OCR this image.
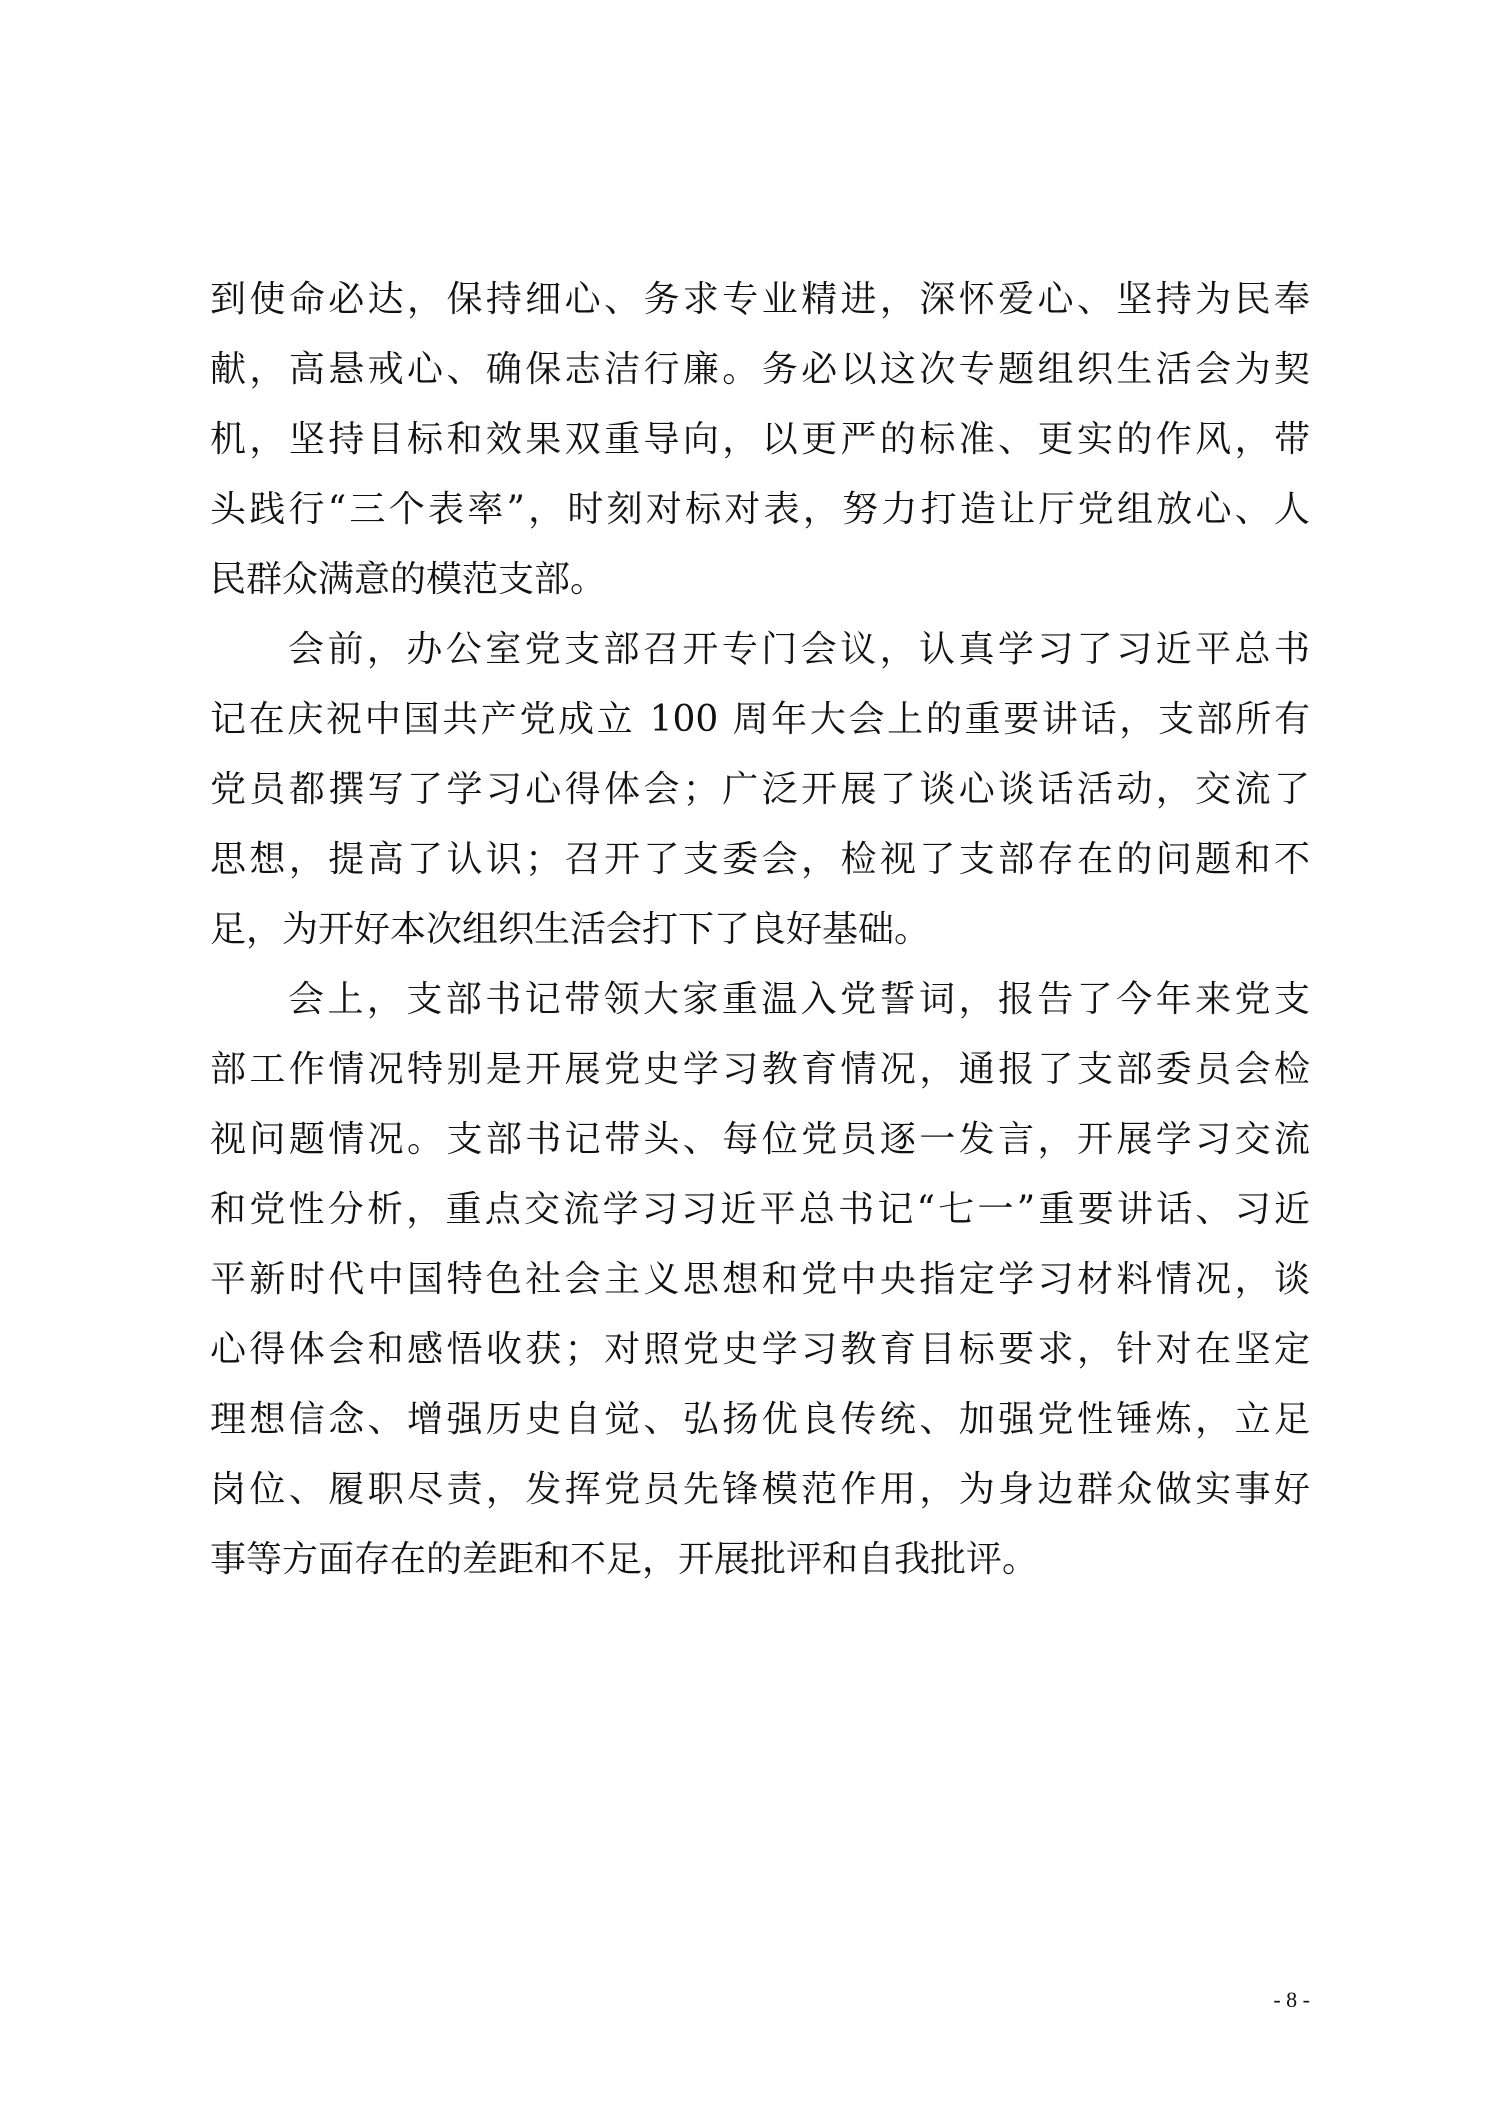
到使命必达，保持细心、务求专业精进，深怀爱心、坚持为民奉
献，高悬戒心、确保志洁行廉。务必以这次专题组织生活会为契
机，坚持目标和效果双重导向，以更严的标准、更实的作风，带
头践行“三个表率”，时刻对标对表，努力打造让厅党组放心、人
民群众满意的模范支部。
会前，办公室党支部召开专门会议，认真学习了习近平总书
记在庆祝中国共产党成立 100 周年大会上的重要讲话，支部所有
党员都撰写了学习心得体会；广泛开展了谈心谈话活动，交流了
思想，提高了认识；召开了支委会，检视了支部存在的问题和不
足，为开好本次组织生活会打下了良好基础。
会上，支部书记带领大家重温入党誓词，报告了今年来党支
部工作情况特别是开展党史学习教育情况，通报了支部委员会检
视问题情况。支部书记带头、每位党员逐一发言，开展学习交流
和党性分析，重点交流学习习近平总书记“七一”重要讲话、习近
平新时代中国特色社会主义思想和党中央指定学习材料情况，谈
心得体会和感悟收获；对照党史学习教育目标要求，针对在坚定
理想信念、增强历史自觉、弘扬优良传统、加强党性锤炼，立足
岗位、履职尽责，发挥党员先锋模范作用，为身边群众做实事好
事等方面存在的差距和不足，开展批评和自我批评。
- 8 -
